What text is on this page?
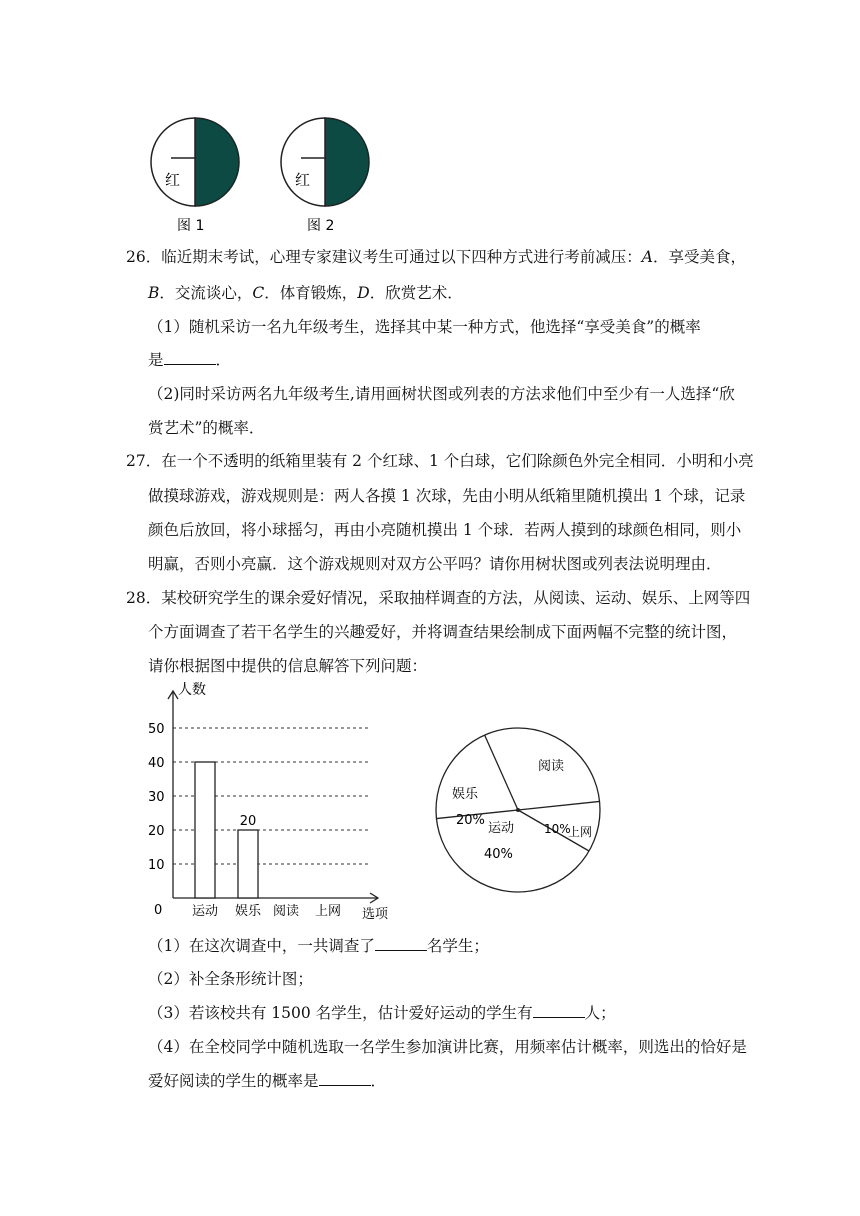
红
图 1
红
图 2
26．临近期末考试，心理专家建议考生可通过以下四种方式进行考前减压：A．享受美食，
B．交流谈心，C．体育锻炼，D．欣赏艺术．
（1）随机采访一名九年级考生，选择其中某一种方式，他选择“享受美食”的概率
是	．
（2)同时采访两名九年级考生,请用画树状图或列表的方法求他们中至少有一人选择“欣
赏艺术”的概率．
27．在一个不透明的纸箱里装有 2 个红球、1 个白球，它们除颜色外完全相同．小明和小亮
做摸球游戏，游戏规则是：两人各摸 1 次球，先由小明从纸箱里随机摸出 1 个球，记录
颜色后放回，将小球摇匀，再由小亮随机摸出 1 个球．若两人摸到的球颜色相同，则小
明赢，否则小亮赢．这个游戏规则对双方公平吗？请你用树状图或列表法说明理由．
28．某校研究学生的课余爱好情况，采取抽样调查的方法，从阅读、运动、娱乐、上网等四
个方面调查了若干名学生的兴趣爱好，并将调查结果绘制成下面两幅不完整的统计图，
请你根据图中提供的信息解答下列问题：
10
20
30
40
50
0
人数
选项
运动
20
娱乐 阅读 上网
阅读
上网
10%
运动
40%
娱乐
20%
（1）在这次调查中，一共调查了	名学生；
（2）补全条形统计图；
（3）若该校共有 1500 名学生，估计爱好运动的学生有	人；
（4）在全校同学中随机选取一名学生参加演讲比赛，用频率估计概率，则选出的恰好是
爱好阅读的学生的概率是	．
